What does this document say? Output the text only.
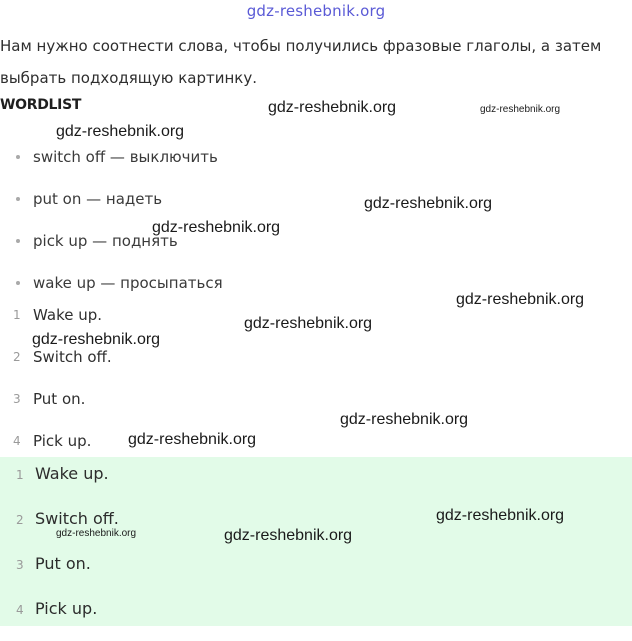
gdz-reshebnik.org
Нам нужно соотнести слова, чтобы получились фразовые глаголы, а затем выбрать подходящую картинку.
WORDLIST
switch off — выключить
put on — надеть
pick up — поднять
wake up — просыпаться
1 Wake up.
2 Switch off.
3 Put on.
4 Pick up.
1 Wake up.
2 Switch off.
3 Put on.
4 Pick up.
gdz-reshebnik.org	gdz-reshebnik.org
gdz-reshebnik.org
gdz-reshebnik.org
gdz-reshebnik.org
gdz-reshebnik.org
gdz-reshebnik.org
gdz-reshebnik.org
gdz-reshebnik.org
gdz-reshebnik.org
gdz-reshebnik.org
gdz-reshebnik.org	gdz-reshebnik.org
